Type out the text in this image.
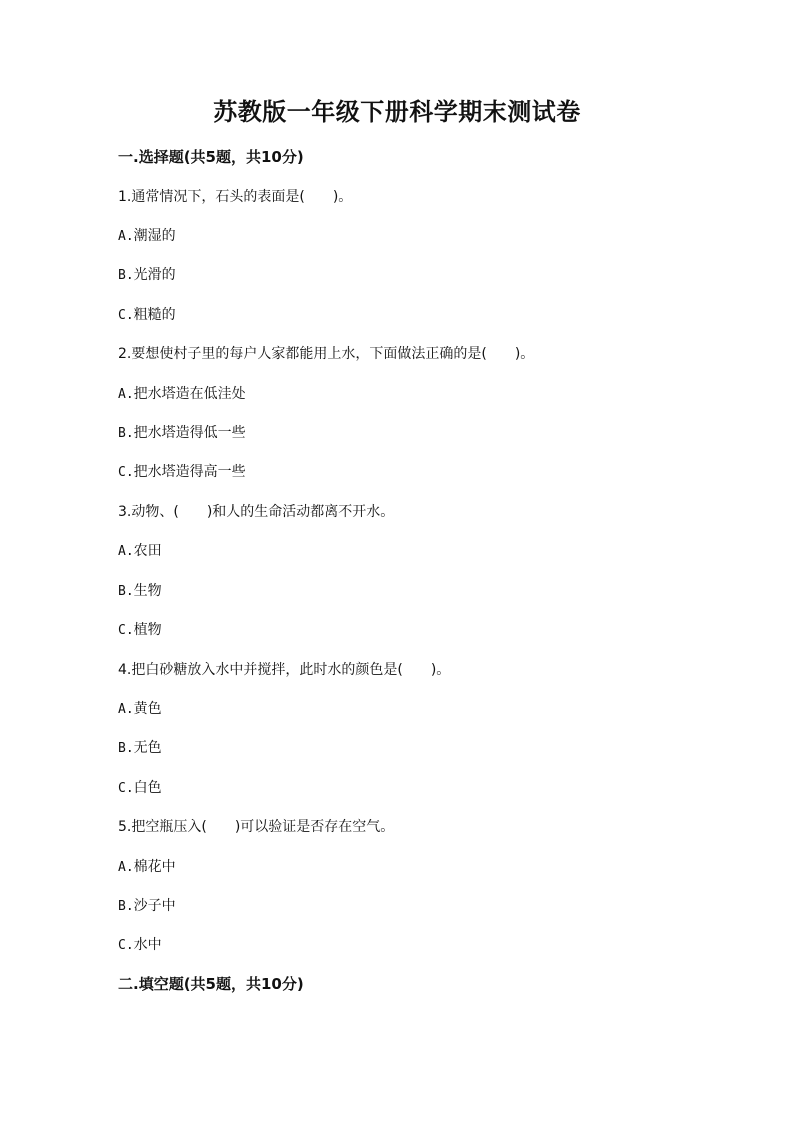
苏教版一年级下册科学期末测试卷
一.选择题(共5题，共10分)

1.通常情况下，石头的表面是(　　)。

A.潮湿的

B.光滑的

C.粗糙的

2.要想使村子里的每户人家都能用上水，下面做法正确的是(　　)。

A.把水塔造在低洼处

B.把水塔造得低一些

C.把水塔造得高一些

3.动物、(　　)和人的生命活动都离不开水。

A.农田

B.生物

C.植物

4.把白砂糖放入水中并搅拌，此时水的颜色是(　　)。

A.黄色

B.无色

C.白色

5.把空瓶压入(　　)可以验证是否存在空气。

A.棉花中

B.沙子中

C.水中

二.填空题(共5题，共10分)
